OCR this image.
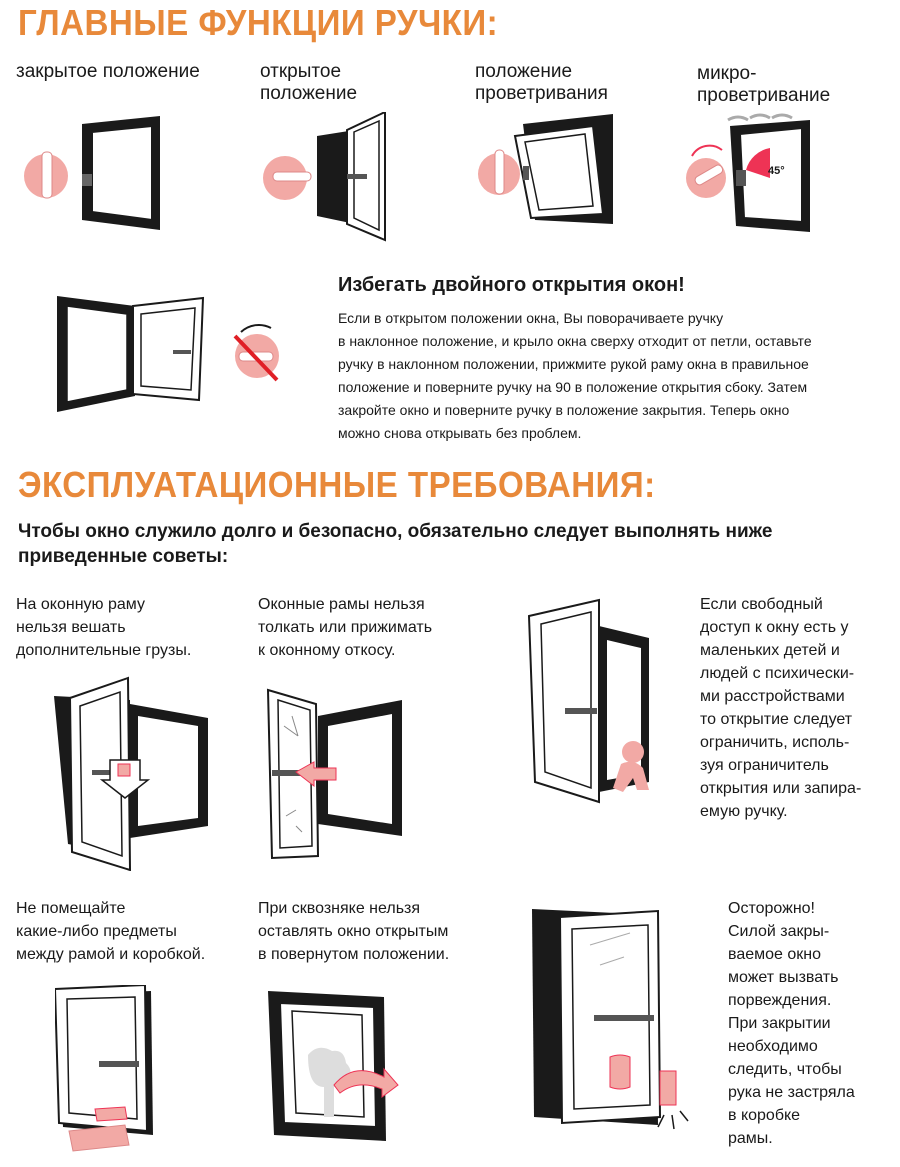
ГЛАВНЫЕ ФУНКЦИИ РУЧКИ:
закрытое положение	открытое
положение
положение
проветривания
микро-
проветривание
45°
Избегать двойного открытия окон!
Если в открытом положении окна, Вы поворачиваете ручку
в наклонное положение, и крыло окна сверху отходит от петли, оставьте
ручку в наклонном положении, прижмите рукой раму окна в правильное
положение и поверните ручку на 90 в положение открытия сбоку. Затем
закройте окно и поверните ручку в положение закрытия. Теперь окно
можно снова открывать без проблем.
ЭКСПЛУАТАЦИОННЫЕ ТРЕБОВАНИЯ:
Чтобы окно служило долго и безопасно, обязательно следует выполнять ниже
приведенные советы:
На оконную раму
нельзя вешать
дополнительные грузы.
Оконные рамы нельзя
толкать или прижимать
к оконному откосу.
Если свободный
доступ к окну есть у
маленьких детей и
людей с психически-
ми расстройствами
то открытие следует
ограничить, исполь-
зуя ограничитель
открытия или запира-
емую ручку.
Не помещайте
какие-либо предметы
между рамой и коробкой.
При сквозняке нельзя
оставлять окно открытым
в повернутом положении.
Осторожно!
Силой закры-
ваемое окно
может вызвать
порвеждения.
При закрытии
необходимо
следить, чтобы
рука не застряла
в коробке
рамы.
